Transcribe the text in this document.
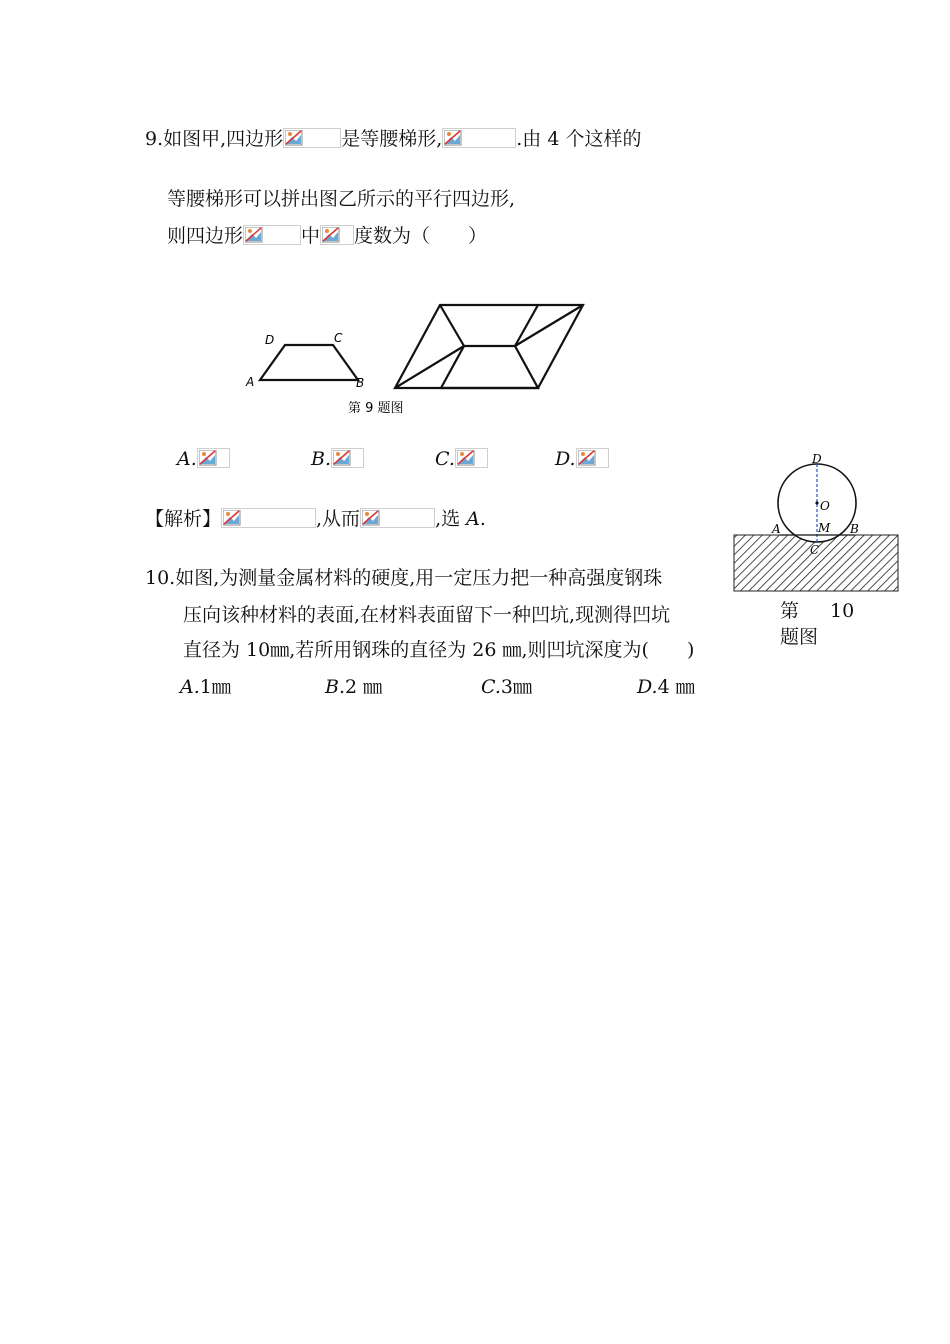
9.如图甲,四边形	是等腰梯形,	.由 4 个这样的
等腰梯形可以拼出图乙所示的平行四边形,
则四边形	中 度数为（　　）
D	C
A	B
第 9 题图
A.	B.	C.	D.
【解析】	,从而	,选 A.
D
O
A	M B
C
第 10
题图
10.如图,为测量金属材料的硬度,用一定压力把一种高强度钢珠
压向该种材料的表面,在材料表面留下一种凹坑,现测得凹坑
直径为 10㎜,若所用钢珠的直径为 26 ㎜,则凹坑深度为(　　)
A.1㎜	B.2 ㎜	C.3㎜	D.4 ㎜
